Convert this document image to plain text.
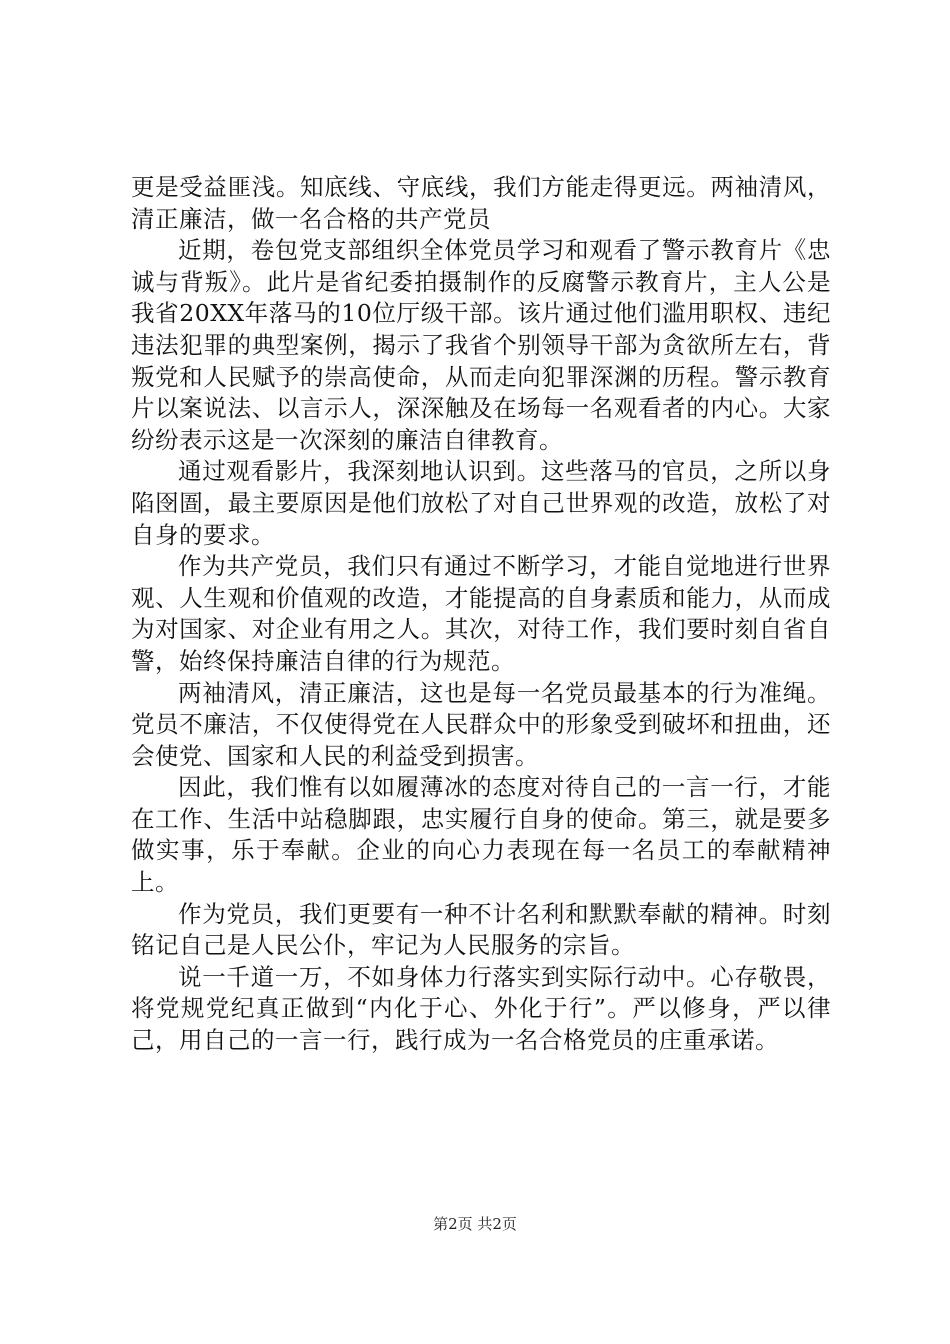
更是受益匪浅。知底线、守底线，我们方能走得更远。两袖清风，清正廉洁，做一名合格的共产党员

近期，卷包党支部组织全体党员学习和观看了警示教育片《忠诚与背叛》。此片是省纪委拍摄制作的反腐警示教育片，主人公是我省20XX年落马的10位厅级干部。该片通过他们滥用职权、违纪违法犯罪的典型案例，揭示了我省个别领导干部为贪欲所左右，背叛党和人民赋予的崇高使命，从而走向犯罪深渊的历程。警示教育片以案说法、以言示人，深深触及在场每一名观看者的内心。大家纷纷表示这是一次深刻的廉洁自律教育。

通过观看影片，我深刻地认识到。这些落马的官员，之所以身陷囹圄，最主要原因是他们放松了对自己世界观的改造，放松了对自身的要求。

作为共产党员，我们只有通过不断学习，才能自觉地进行世界观、人生观和价值观的改造，才能提高的自身素质和能力，从而成为对国家、对企业有用之人。其次，对待工作，我们要时刻自省自警，始终保持廉洁自律的行为规范。

两袖清风，清正廉洁，这也是每一名党员最基本的行为准绳。党员不廉洁，不仅使得党在人民群众中的形象受到破坏和扭曲，还会使党、国家和人民的利益受到损害。

因此，我们惟有以如履薄冰的态度对待自己的一言一行，才能在工作、生活中站稳脚跟，忠实履行自身的使命。第三，就是要多做实事，乐于奉献。企业的向心力表现在每一名员工的奉献精神上。

作为党员，我们更要有一种不计名利和默默奉献的精神。时刻铭记自己是人民公仆，牢记为人民服务的宗旨。

说一千道一万，不如身体力行落实到实际行动中。心存敬畏，将党规党纪真正做到“内化于心、外化于行”。严以修身，严以律己，用自己的一言一行，践行成为一名合格党员的庄重承诺。

第2页 共2页
